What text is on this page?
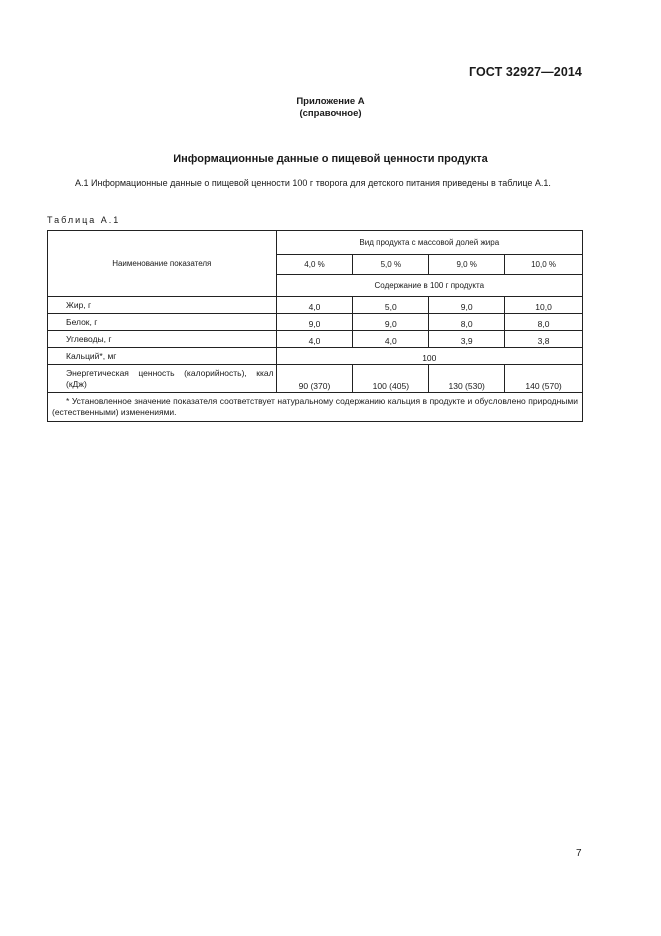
ГОСТ 32927—2014
Приложение А
(справочное)
Информационные данные о пищевой ценности продукта
А.1 Информационные данные о пищевой ценности 100 г творога для детского питания приведены в таблице А.1.
Таблица А.1
Наименование показателя	Вид продукта с массовой долей жира			
	4,0 %	5,0 %	9,0 %	10,0 %
	Содержание в 100 г продукта			
Жир, г	4,0	5,0	9,0	10,0
Белок, г	9,0	9,0	8,0	8,0
Углеводы, г	4,0	4,0	3,9	3,8
Кальций*, мг	100			
Энергетическая ценность (калорийность), ккал (кДж)	90 (370)	100 (405)	130 (530)	140 (570)
* Установленное значение показателя соответствует натуральному содержанию кальция в продукте и обусловлено природными (естественными) изменениями.				
7
